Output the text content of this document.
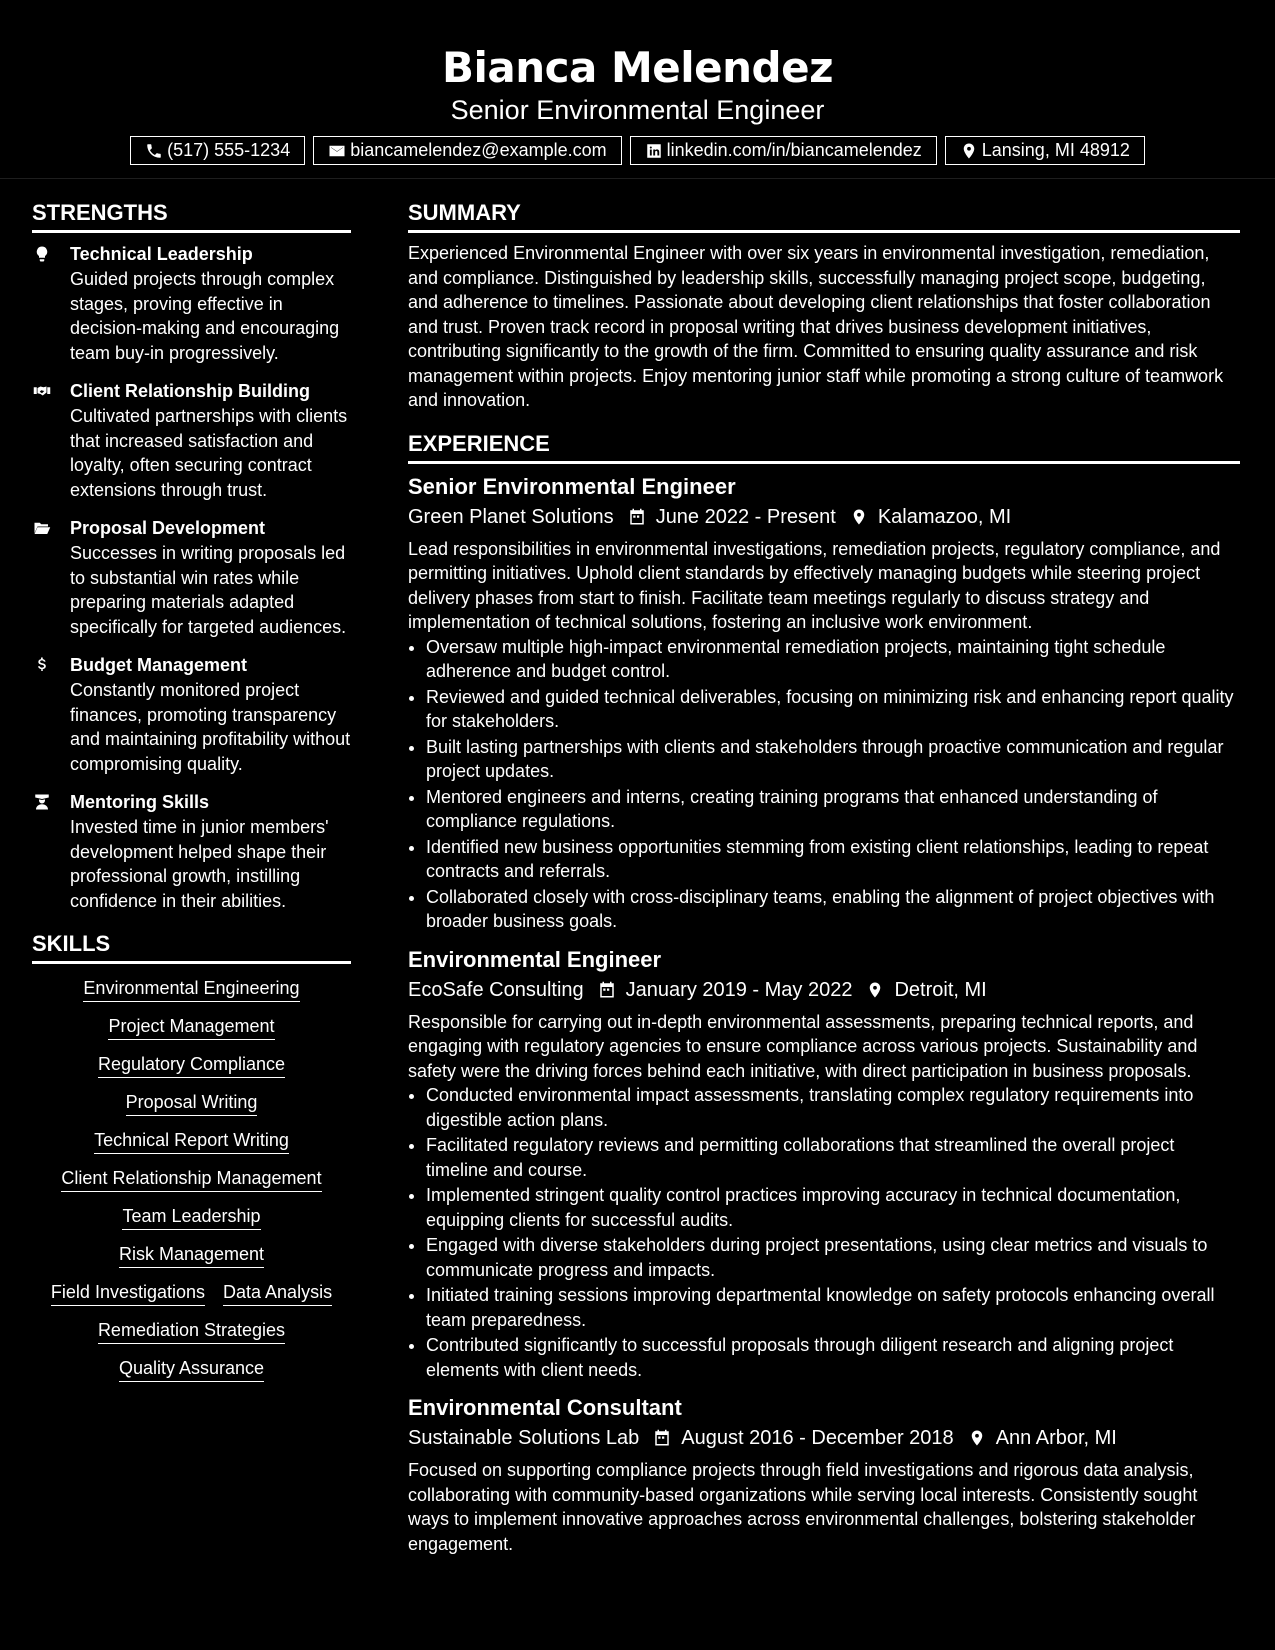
Bianca Melendez
Senior Environmental Engineer
(517) 555-1234	biancamelendez@example.com	linkedin.com/in/biancamelendez	Lansing, MI 48912
STRENGTHS
Technical Leadership
Guided projects through complex stages, proving effective in decision-making and encouraging team buy-in progressively.
Client Relationship Building
Cultivated partnerships with clients that increased satisfaction and loyalty, often securing contract extensions through trust.
Proposal Development
Successes in writing proposals led to substantial win rates while preparing materials adapted specifically for targeted audiences.
Budget Management
Constantly monitored project finances, promoting transparency and maintaining profitability without compromising quality.
Mentoring Skills
Invested time in junior members' development helped shape their professional growth, instilling confidence in their abilities.
SKILLS
Environmental Engineering
Project Management
Regulatory Compliance
Proposal Writing
Technical Report Writing
Client Relationship Management
Team Leadership
Risk Management
Field Investigations Data Analysis
Remediation Strategies
Quality Assurance
SUMMARY
Experienced Environmental Engineer with over six years in environmental investigation, remediation, and compliance. Distinguished by leadership skills, successfully managing project scope, budgeting, and adherence to timelines. Passionate about developing client relationships that foster collaboration and trust. Proven track record in proposal writing that drives business development initiatives, contributing significantly to the growth of the firm. Committed to ensuring quality assurance and risk management within projects. Enjoy mentoring junior staff while promoting a strong culture of teamwork and innovation.
EXPERIENCE
Senior Environmental Engineer
Green Planet Solutions June 2022 - Present Kalamazoo, MI
Lead responsibilities in environmental investigations, remediation projects, regulatory compliance, and permitting initiatives. Uphold client standards by effectively managing budgets while steering project delivery phases from start to finish. Facilitate team meetings regularly to discuss strategy and implementation of technical solutions, fostering an inclusive work environment.
• Oversaw multiple high-impact environmental remediation projects, maintaining tight schedule adherence and budget control.
• Reviewed and guided technical deliverables, focusing on minimizing risk and enhancing report quality for stakeholders.
• Built lasting partnerships with clients and stakeholders through proactive communication and regular project updates.
• Mentored engineers and interns, creating training programs that enhanced understanding of compliance regulations.
• Identified new business opportunities stemming from existing client relationships, leading to repeat contracts and referrals.
• Collaborated closely with cross-disciplinary teams, enabling the alignment of project objectives with broader business goals.
Environmental Engineer
EcoSafe Consulting January 2019 - May 2022 Detroit, MI
Responsible for carrying out in-depth environmental assessments, preparing technical reports, and engaging with regulatory agencies to ensure compliance across various projects. Sustainability and safety were the driving forces behind each initiative, with direct participation in business proposals.
• Conducted environmental impact assessments, translating complex regulatory requirements into digestible action plans.
• Facilitated regulatory reviews and permitting collaborations that streamlined the overall project timeline and course.
• Implemented stringent quality control practices improving accuracy in technical documentation, equipping clients for successful audits.
• Engaged with diverse stakeholders during project presentations, using clear metrics and visuals to communicate progress and impacts.
• Initiated training sessions improving departmental knowledge on safety protocols enhancing overall team preparedness.
• Contributed significantly to successful proposals through diligent research and aligning project elements with client needs.
Environmental Consultant
Sustainable Solutions Lab August 2016 - December 2018 Ann Arbor, MI
Focused on supporting compliance projects through field investigations and rigorous data analysis, collaborating with community-based organizations while serving local interests. Consistently sought ways to implement innovative approaches across environmental challenges, bolstering stakeholder engagement.
